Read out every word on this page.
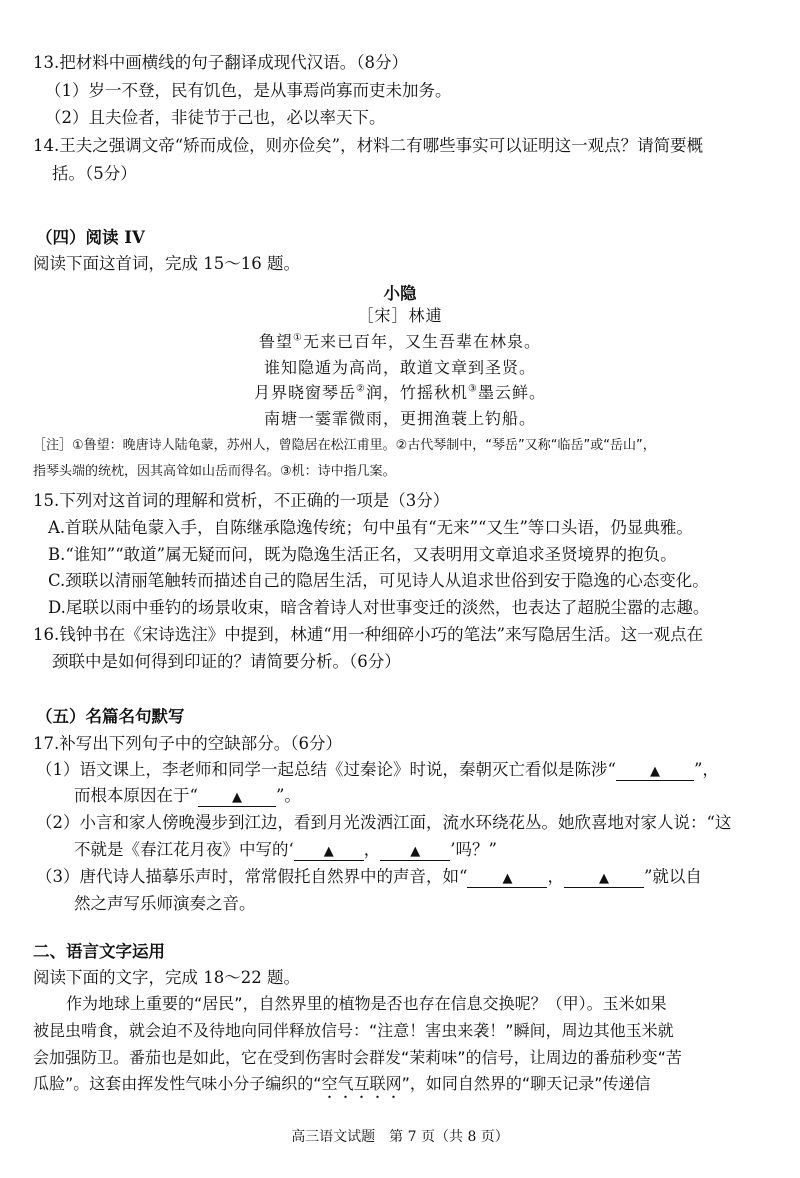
13.把材料中画横线的句子翻译成现代汉语。（8分）
（1）岁一不登，民有饥色，是从事焉尚寡而吏未加务。
（2）且夫俭者，非徒节于己也，必以率天下。
14.王夫之强调文帝“矫而成俭，则亦俭矣”，材料二有哪些事实可以证明这一观点？请简要概
括。（5分）
（四）阅读 IV
阅读下面这首词，完成 15～16 题。
小隐
［宋］林逋
鲁望①无来已百年，又生吾辈在林泉。
谁知隐遁为高尚，敢道文章到圣贤。
月界晓窗琴岳②润，竹摇秋机③墨云鲜。
南塘一霎霏微雨，更拥渔蓑上钓船。
［注］①鲁望：晚唐诗人陆龟蒙，苏州人，曾隐居在松江甫里。②古代琴制中，“琴岳”又称“临岳”或“岳山”，
指琴头端的统枕，因其高耸如山岳而得名。③机：诗中指几案。
15.下列对这首词的理解和赏析，不正确的一项是（3分）
A.首联从陆龟蒙入手，自陈继承隐逸传统；句中虽有“无来”“又生”等口头语，仍显典雅。
B.“谁知”“敢道”属无疑而问，既为隐逸生活正名，又表明用文章追求圣贤境界的抱负。
C.颈联以清丽笔触转而描述自己的隐居生活，可见诗人从追求世俗到安于隐逸的心态变化。
D.尾联以雨中垂钓的场景收束，暗含着诗人对世事变迁的淡然，也表达了超脱尘嚣的志趣。
16.钱钟书在《宋诗选注》中提到，林逋“用一种细碎小巧的笔法”来写隐居生活。这一观点在
颈联中是如何得到印证的？请简要分析。（6分）
（五）名篇名句默写
17.补写出下列句子中的空缺部分。（6分）
（1）语文课上，李老师和同学一起总结《过秦论》时说，秦朝灭亡看似是陈涉“	▲ ”，
而根本原因在于“	▲ ”。
（2）小言和家人傍晚漫步到江边，看到月光泼洒江面，流水环绕花丛。她欣喜地对家人说：“这
不就是《春江花月夜》中写的‘ ▲ ， ▲ ’吗？”
（3）唐代诗人描摹乐声时，常常假托自然界中的声音，如“	▲ ，	▲ ”就以自
然之声写乐师演奏之音。
二、语言文字运用
阅读下面的文字，完成 18～22 题。
作为地球上重要的“居民”，自然界里的植物是否也存在信息交换呢？（甲）。玉米如果
被昆虫啃食，就会迫不及待地向同伴释放信号：“注意！害虫来袭！”瞬间，周边其他玉米就
会加强防卫。番茄也是如此，它在受到伤害时会群发“茉莉味”的信号，让周边的番茄秒变“苦
瓜脸”。这套由挥发性气味小分子编织的“空气互联网”，如同自然界的“聊天记录”传递信
高三语文试题　第 7 页（共 8 页）
